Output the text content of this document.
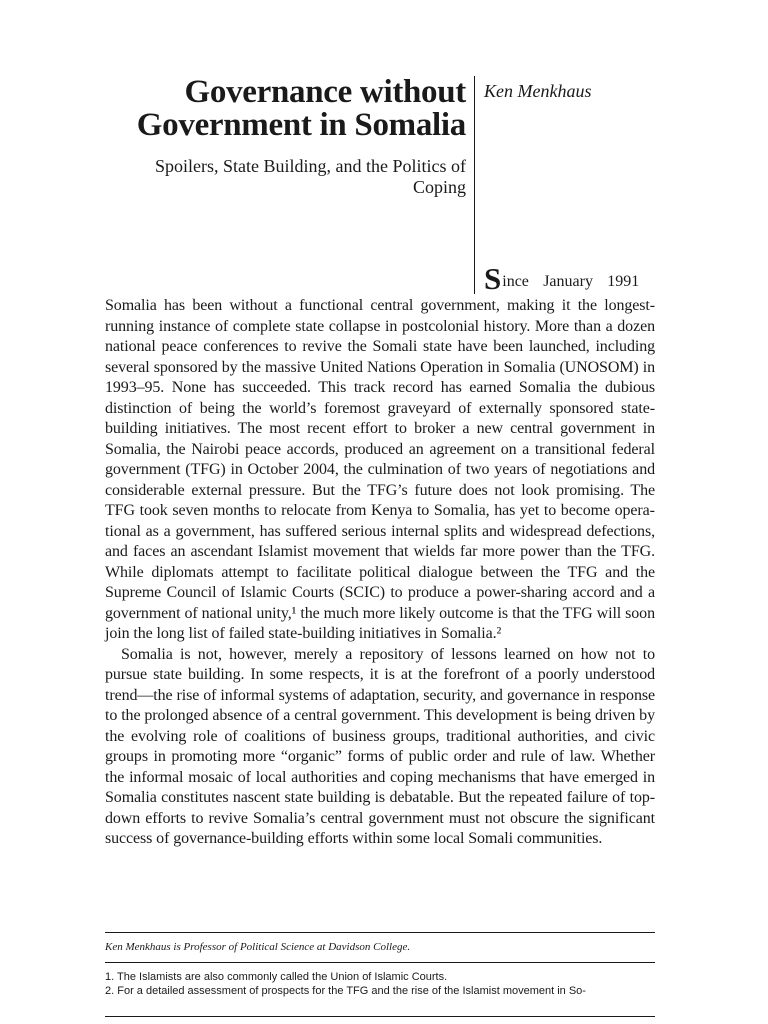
Governance without Government in Somalia

Spoilers, State Building, and the Politics of Coping

Ken Menkhaus
Since January 1991

Somalia has been without a functional central government, making it the longest-running instance of complete state collapse in postcolonial history. More than a dozen national peace conferences to revive the Somali state have been launched, including several sponsored by the massive United Nations Operation in Somalia (UNOSOM) in 1993–95. None has succeeded. This track record has earned Somalia the dubious distinction of being the world’s foremost graveyard of externally sponsored state-building initiatives. The most recent effort to broker a new central government in Somalia, the Nairobi peace accords, produced an agreement on a transitional federal government (TFG) in October 2004, the culmination of two years of negotiations and considerable external pressure. But the TFG’s future does not look promising. The TFG took seven months to relocate from Kenya to Somalia, has yet to become operational as a government, has suffered serious internal splits and widespread defections, and faces an ascendant Islamist movement that wields far more power than the TFG. While diplomats attempt to facilitate political dialogue between the TFG and the Supreme Council of Islamic Courts (SCIC) to produce a power-sharing accord and a government of national unity,¹ the much more likely outcome is that the TFG will soon join the long list of failed state-building initiatives in Somalia.²

Somalia is not, however, merely a repository of lessons learned on how not to pursue state building. In some respects, it is at the forefront of a poorly understood trend—the rise of informal systems of adaptation, security, and governance in response to the prolonged absence of a central government. This development is being driven by the evolving role of coalitions of business groups, traditional authorities, and civic groups in promoting more “organic” forms of public order and rule of law. Whether the informal mosaic of local authorities and coping mechanisms that have emerged in Somalia constitutes nascent state building is debatable. But the repeated failure of top-down efforts to revive Somalia’s central government must not obscure the significant success of governance-building efforts within some local Somali communities.

Ken Menkhaus is Professor of Political Science at Davidson College.
1. The Islamists are also commonly called the Union of Islamic Courts.
2. For a detailed assessment of prospects for the TFG and the rise of the Islamist movement in So-
